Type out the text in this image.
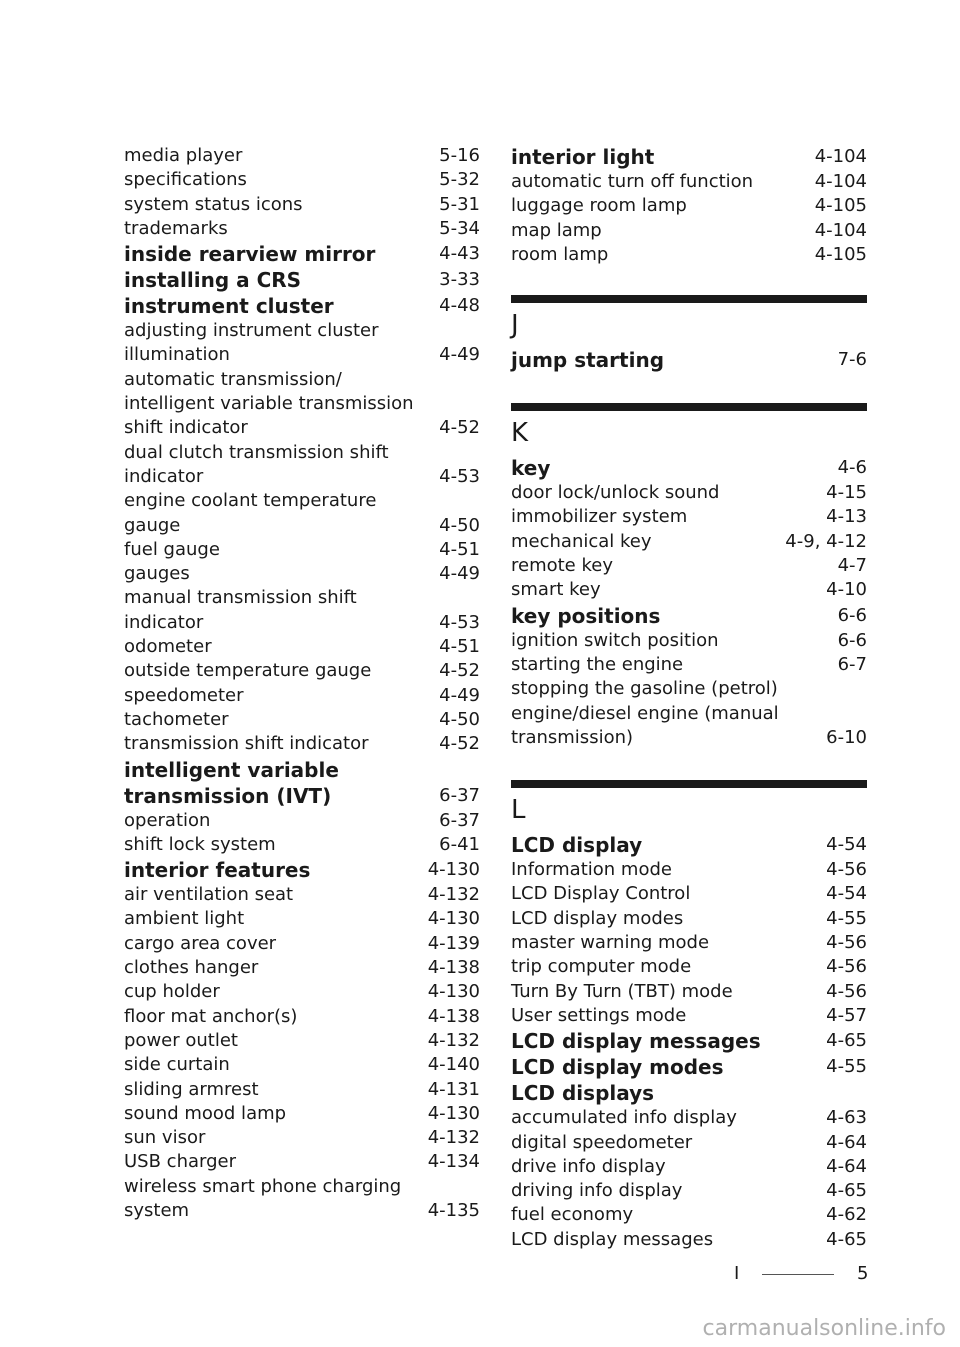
media player	5-16
specifications	5-32
system status icons	5-31
trademarks	5-34
inside rearview mirror	4-43
installing a CRS	3-33
instrument cluster	4-48
adjusting instrument cluster
illumination	4-49
automatic transmission/
intelligent variable transmission
shift indicator	4-52
dual clutch transmission shift
indicator	4-53
engine coolant temperature
gauge	4-50
fuel gauge	4-51
gauges	4-49
manual transmission shift
indicator	4-53
odometer	4-51
outside temperature gauge	4-52
speedometer	4-49
tachometer	4-50
transmission shift indicator	4-52
intelligent variable
transmission (IVT)	6-37
operation	6-37
shift lock system	6-41
interior features	4-130
air ventilation seat	4-132
ambient light	4-130
cargo area cover	4-139
clothes hanger	4-138
cup holder	4-130
floor mat anchor(s)	4-138
power outlet	4-132
side curtain	4-140
sliding armrest	4-131
sound mood lamp	4-130
sun visor	4-132
USB charger	4-134
wireless smart phone charging
system	4-135
interior light	4-104
automatic turn off function	4-104
luggage room lamp	4-105
map lamp	4-104
room lamp	4-105
J
jump starting	7-6
K
key	4-6
door lock/unlock sound	4-15
immobilizer system	4-13
mechanical key	4-9, 4-12
remote key	4-7
smart key	4-10
key positions	6-6
ignition switch position	6-6
starting the engine	6-7
stopping the gasoline (petrol)
engine/diesel engine (manual
transmission)	6-10
L
LCD display	4-54
Information mode	4-56
LCD Display Control	4-54
LCD display modes	4-55
master warning mode	4-56
trip computer mode	4-56
Turn By Turn (TBT) mode	4-56
User settings mode	4-57
LCD display messages	4-65
LCD display modes	4-55
LCD displays
accumulated info display	4-63
digital speedometer	4-64
drive info display	4-64
driving info display	4-65
fuel economy	4-62
LCD display messages	4-65
I	5
carmanualsonline.info
